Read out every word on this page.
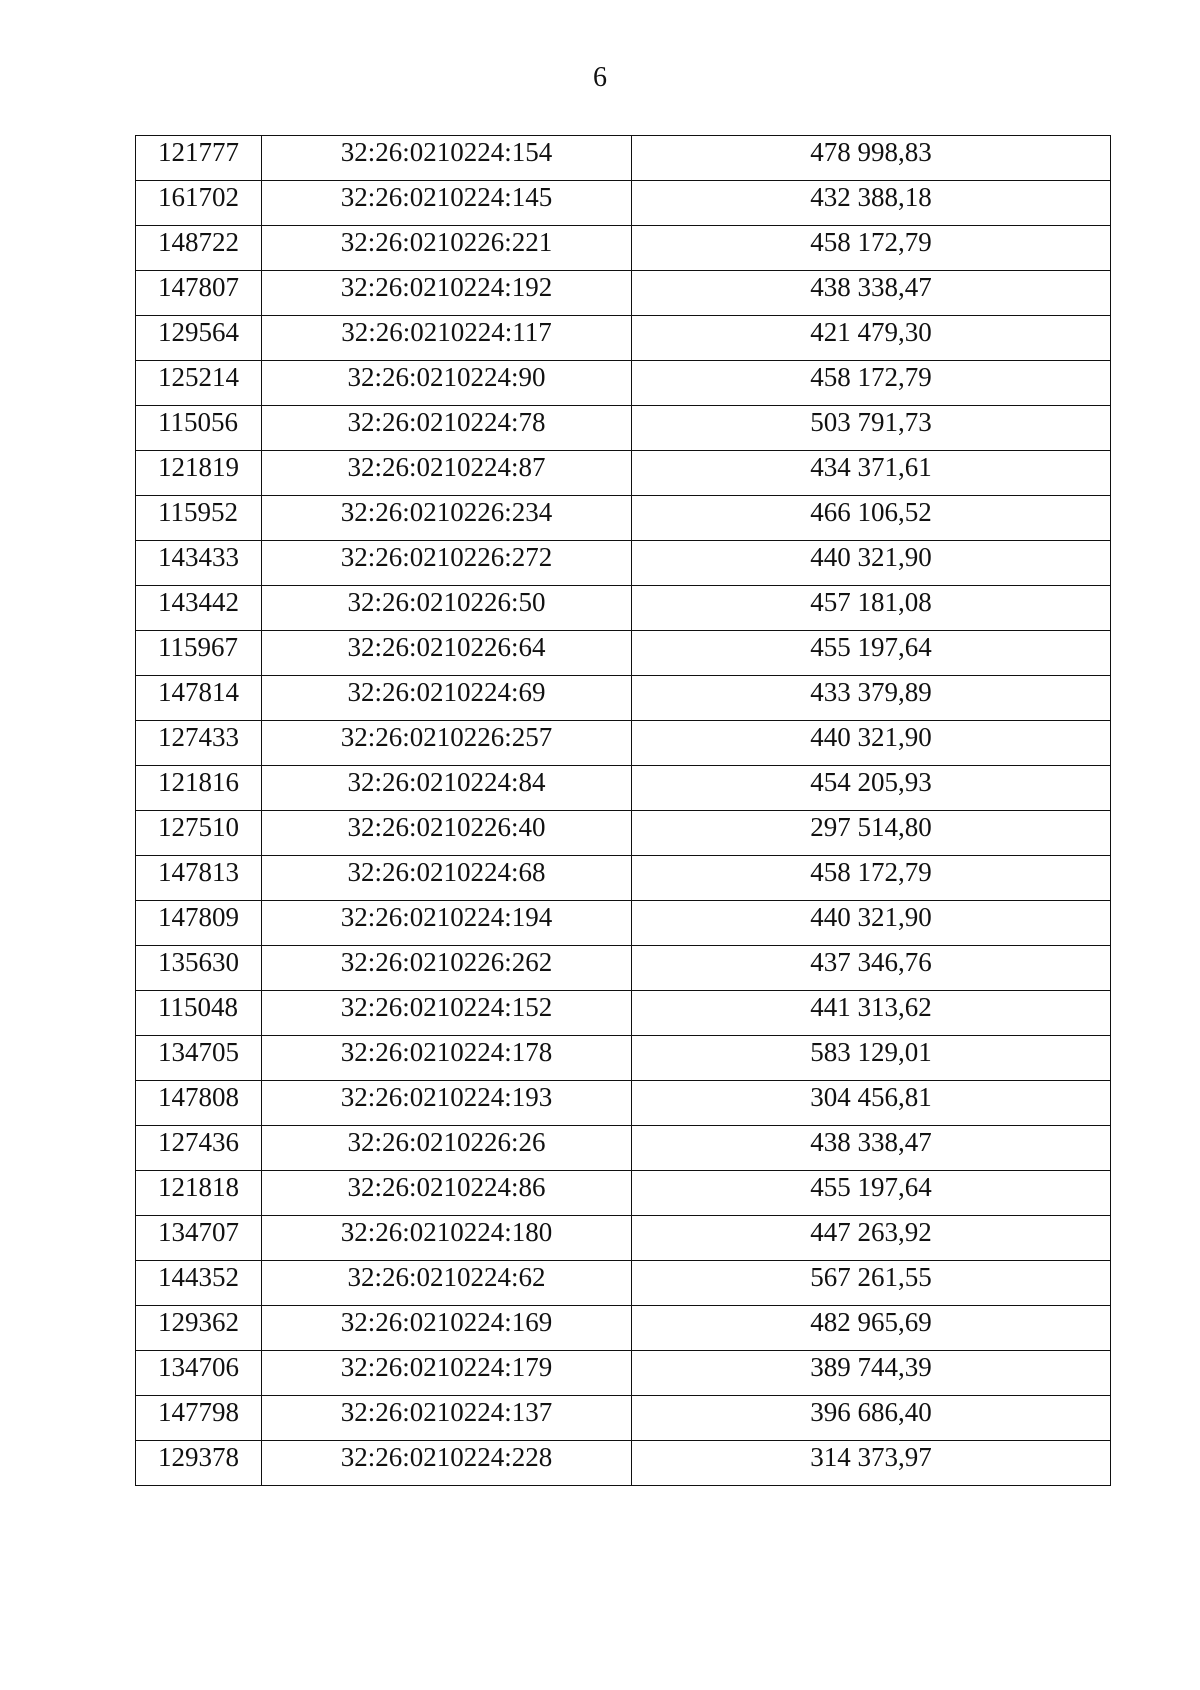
6
121777	32:26:0210224:154	478 998,83

161702	32:26:0210224:145	432 388,18

148722	32:26:0210226:221	458 172,79

147807	32:26:0210224:192	438 338,47

129564	32:26:0210224:117	421 479,30

125214	32:26:0210224:90	458 172,79

115056	32:26:0210224:78	503 791,73

121819	32:26:0210224:87	434 371,61

115952	32:26:0210226:234	466 106,52

143433	32:26:0210226:272	440 321,90

143442	32:26:0210226:50	457 181,08

115967	32:26:0210226:64	455 197,64

147814	32:26:0210224:69	433 379,89

127433	32:26:0210226:257	440 321,90

121816	32:26:0210224:84	454 205,93

127510	32:26:0210226:40	297 514,80

147813	32:26:0210224:68	458 172,79

147809	32:26:0210224:194	440 321,90

135630	32:26:0210226:262	437 346,76

115048	32:26:0210224:152	441 313,62

134705	32:26:0210224:178	583 129,01

147808	32:26:0210224:193	304 456,81

127436	32:26:0210226:26	438 338,47

121818	32:26:0210224:86	455 197,64

134707	32:26:0210224:180	447 263,92

144352	32:26:0210224:62	567 261,55

129362	32:26:0210224:169	482 965,69

134706	32:26:0210224:179	389 744,39

147798	32:26:0210224:137	396 686,40

129378	32:26:0210224:228	314 373,97
